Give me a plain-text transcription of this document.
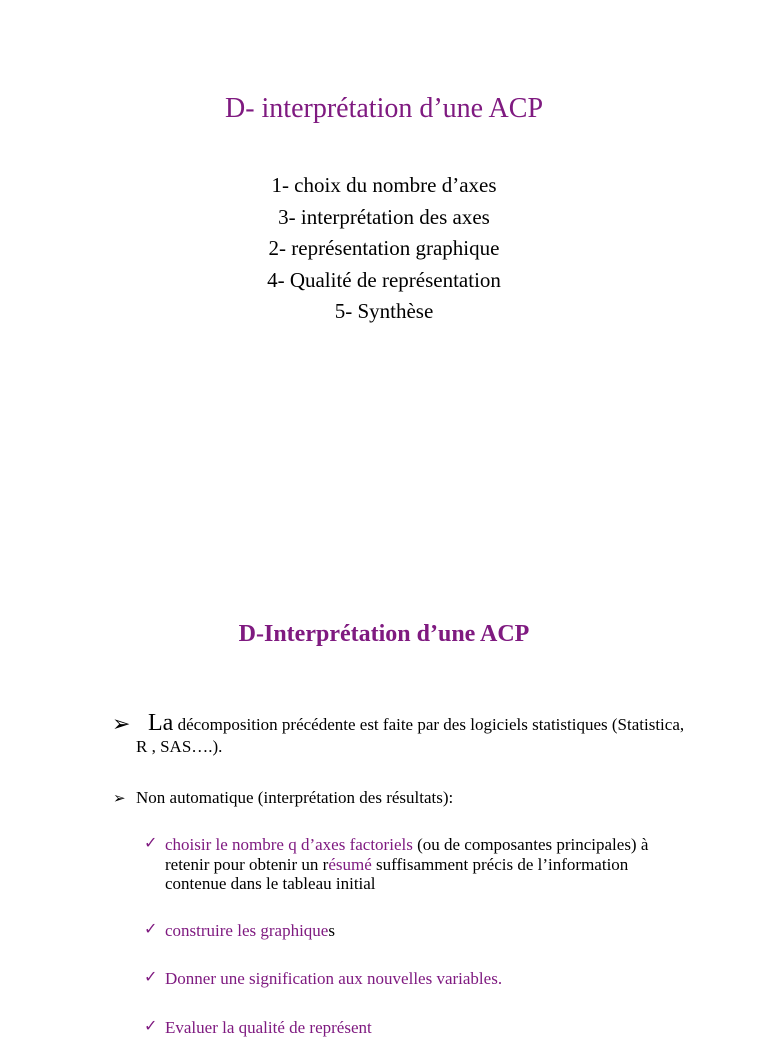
D- interprétation d’une ACP
1- choix du nombre d’axes
3- interprétation des axes
2- représentation graphique
4- Qualité de représentation
5- Synthèse
D-Interprétation d’une ACP
➢ La décomposition précédente est faite par des logiciels statistiques (Statistica, R , SAS….).
➢ Non automatique (interprétation des résultats):
✓ choisir le nombre q d’axes factoriels (ou de composantes principales) à retenir pour obtenir un résumé suffisamment précis de l’information contenue dans le tableau initial
✓ construire les graphiques
✓ Donner une signification aux nouvelles variables.
✓ Evaluer la qualité de représent
